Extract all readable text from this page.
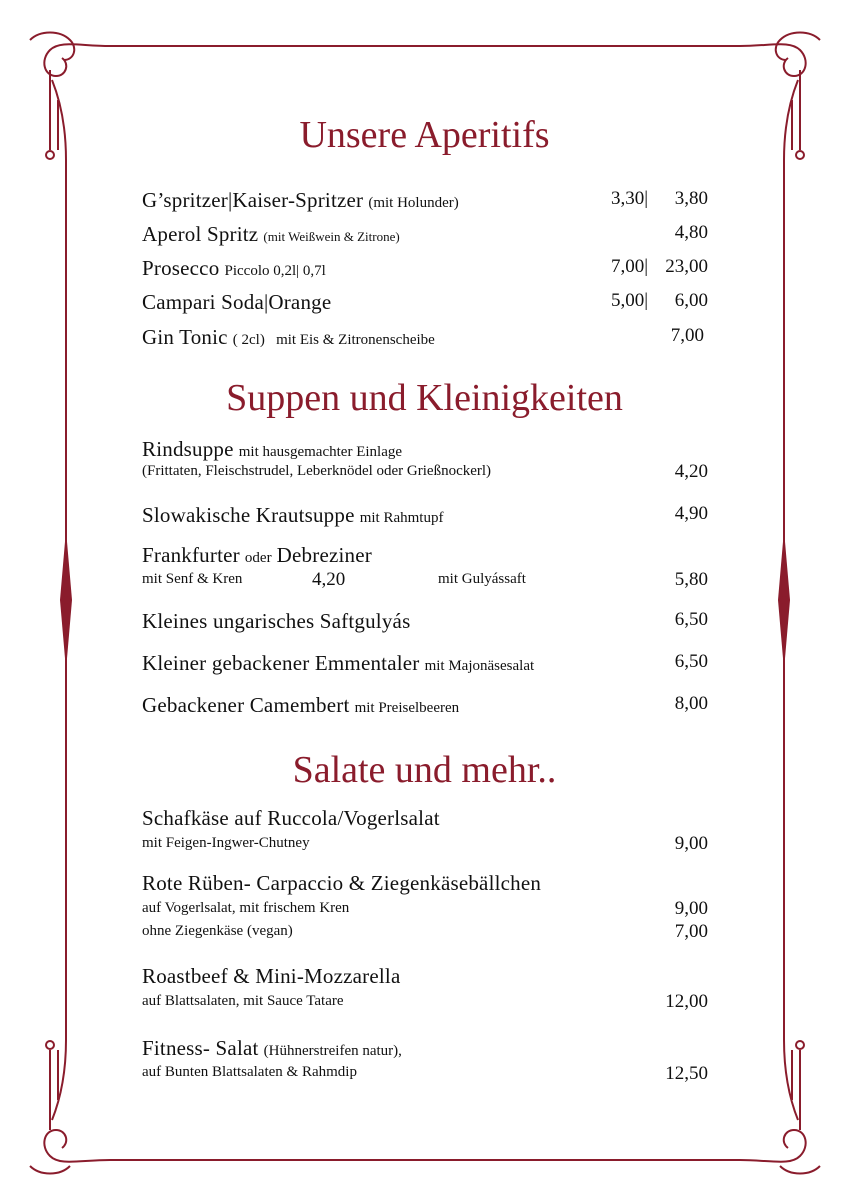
Unsere Aperitifs
G’spritzer|Kaiser-Spritzer (mit Holunder)	3,30| 3,80
Aperol Spritz (mit Weißwein & Zitrone)	4,80
Prosecco Piccolo 0,2l| 0,7l	7,00| 23,00
Campari Soda|Orange	5,00| 6,00
Gin Tonic ( 2cl)   mit Eis & Zitronenscheibe	7,00
Suppen und Kleinigkeiten
Rindsuppe mit hausgemachter Einlage
(Frittaten, Fleischstrudel, Leberknödel oder Grießnockerl)	4,20
Slowakische Krautsuppe mit Rahmtupf	4,90
Frankfurter oder Debreziner
mit Senf & Kren	4,20	mit Gulyássaft	5,80
Kleines ungarisches Saftgulyás	6,50
Kleiner gebackener Emmentaler mit Majonäsesalat	6,50
Gebackener Camembert mit Preiselbeeren	8,00
Salate und mehr..
Schafkäse auf Ruccola/Vogerlsalat
mit Feigen-Ingwer-Chutney	9,00
Rote Rüben- Carpaccio & Ziegenkäsebällchen
auf Vogerlsalat, mit frischem Kren	9,00
ohne Ziegenkäse (vegan)	7,00
Roastbeef & Mini-Mozzarella
auf Blattsalaten, mit Sauce Tatare	12,00
Fitness- Salat (Hühnerstreifen natur),
auf Bunten Blattsalaten & Rahmdip	12,50
